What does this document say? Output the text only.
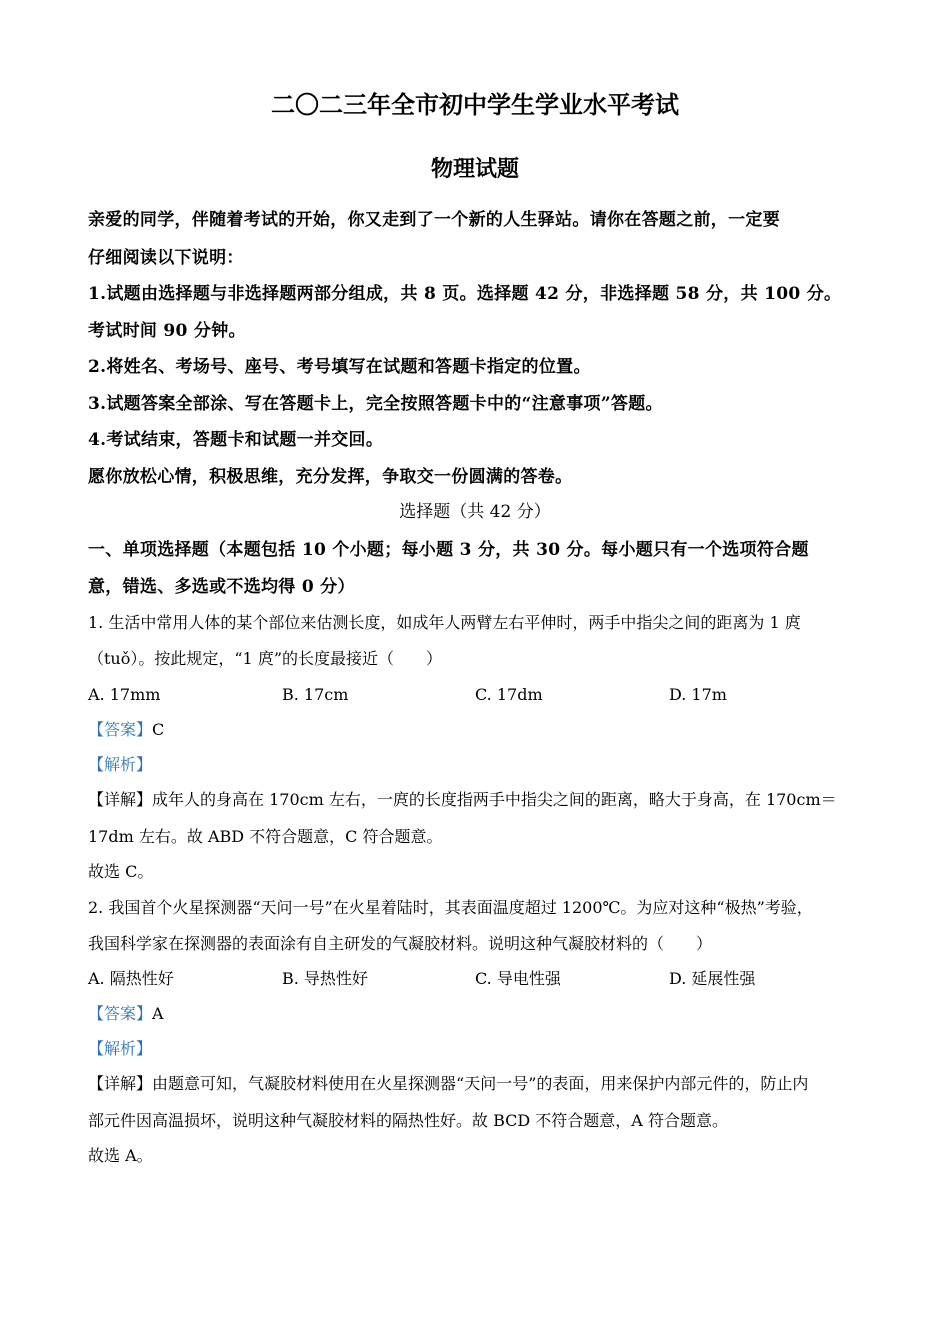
二〇二三年全市初中学生学业水平考试
物理试题
亲爱的同学，伴随着考试的开始，你又走到了一个新的人生驿站。请你在答题之前，一定要
仔细阅读以下说明：
1.试题由选择题与非选择题两部分组成，共 8 页。选择题 42 分，非选择题 58 分，共 100 分。
考试时间 90 分钟。
2.将姓名、考场号、座号、考号填写在试题和答题卡指定的位置。
3.试题答案全部涂、写在答题卡上，完全按照答题卡中的“注意事项”答题。
4.考试结束，答题卡和试题一并交回。
愿你放松心情，积极思维，充分发挥，争取交一份圆满的答卷。
选择题（共 42 分）
一、单项选择题（本题包括 10 个小题；每小题 3 分，共 30 分。每小题只有一个选项符合题
意，错选、多选或不选均得 0 分）
1. 生活中常用人体的某个部位来估测长度，如成年人两臂左右平伸时，两手中指尖之间的距离为 1 庹
（tuǒ）。按此规定，“1 庹”的长度最接近（　　）
A. 17mm	B. 17cm	C. 17dm	D. 17m
【答案】C
【解析】
【详解】成年人的身高在 170cm 左右，一庹的长度指两手中指尖之间的距离，略大于身高，在 170cm＝
17dm 左右。故 ABD 不符合题意，C 符合题意。
故选 C。
2. 我国首个火星探测器“天问一号”在火星着陆时，其表面温度超过 1200℃。为应对这种“极热”考验，
我国科学家在探测器的表面涂有自主研发的气凝胶材料。说明这种气凝胶材料的（　　）
A. 隔热性好	B. 导热性好	C. 导电性强	D. 延展性强
【答案】A
【解析】
【详解】由题意可知，气凝胶材料使用在火星探测器“天问一号”的表面，用来保护内部元件的，防止内
部元件因高温损坏，说明这种气凝胶材料的隔热性好。故 BCD 不符合题意，A 符合题意。
故选 A。
